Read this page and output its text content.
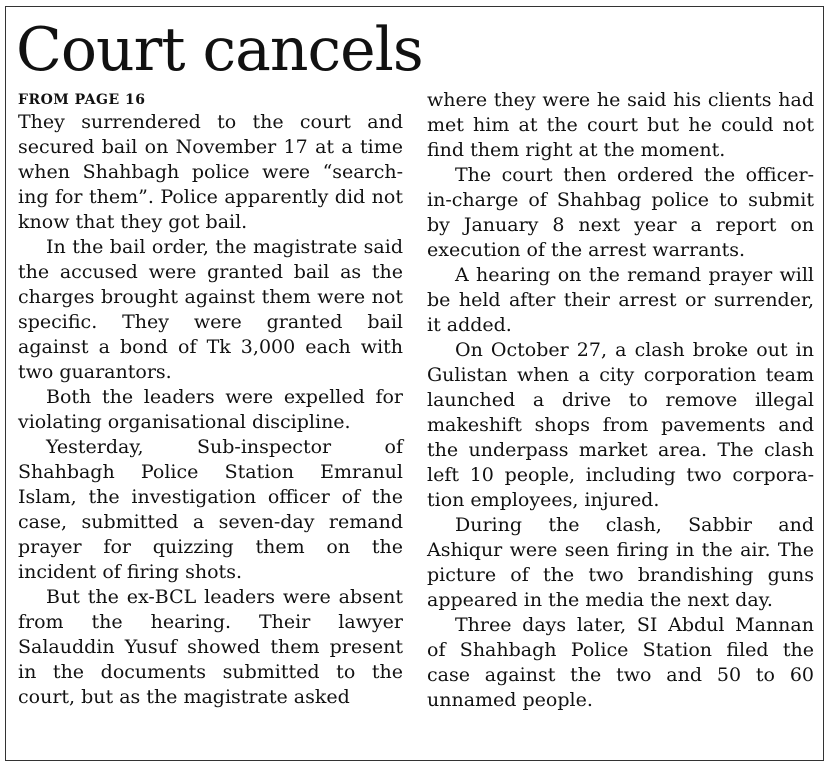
Court cancels
FROM PAGE 16

They surrendered to the court and secured bail on November 17 at a time when Shahbagh police were “search-ing for them”. Police apparently did not know that they got bail.

In the bail order, the magistrate said the accused were granted bail as the charges brought against them were not specific. They were granted bail against a bond of Tk 3,000 each with two guarantors.

Both the leaders were expelled for violating organisational discipline.

Yesterday, Sub-inspector of Shahbagh Police Station Emranul Islam, the investigation officer of the case, submitted a seven-day remand prayer for quizzing them on the incident of firing shots.

But the ex-BCL leaders were absent from the hearing. Their lawyer Salauddin Yusuf showed them present in the documents submitted to the court, but as the magistrate asked

where they were he said his clients had met him at the court but he could not find them right at the moment.

The court then ordered the officer-in-charge of Shahbag police to submit by January 8 next year a report on execution of the arrest warrants.

A hearing on the remand prayer will be held after their arrest or surrender, it added.

On October 27, a clash broke out in Gulistan when a city corporation team launched a drive to remove illegal makeshift shops from pavements and the underpass market area. The clash left 10 people, including two corpora-tion employees, injured.

During the clash, Sabbir and Ashiqur were seen firing in the air. The picture of the two brandishing guns appeared in the media the next day.

Three days later, SI Abdul Mannan of Shahbagh Police Station filed the case against the two and 50 to 60 unnamed people.
